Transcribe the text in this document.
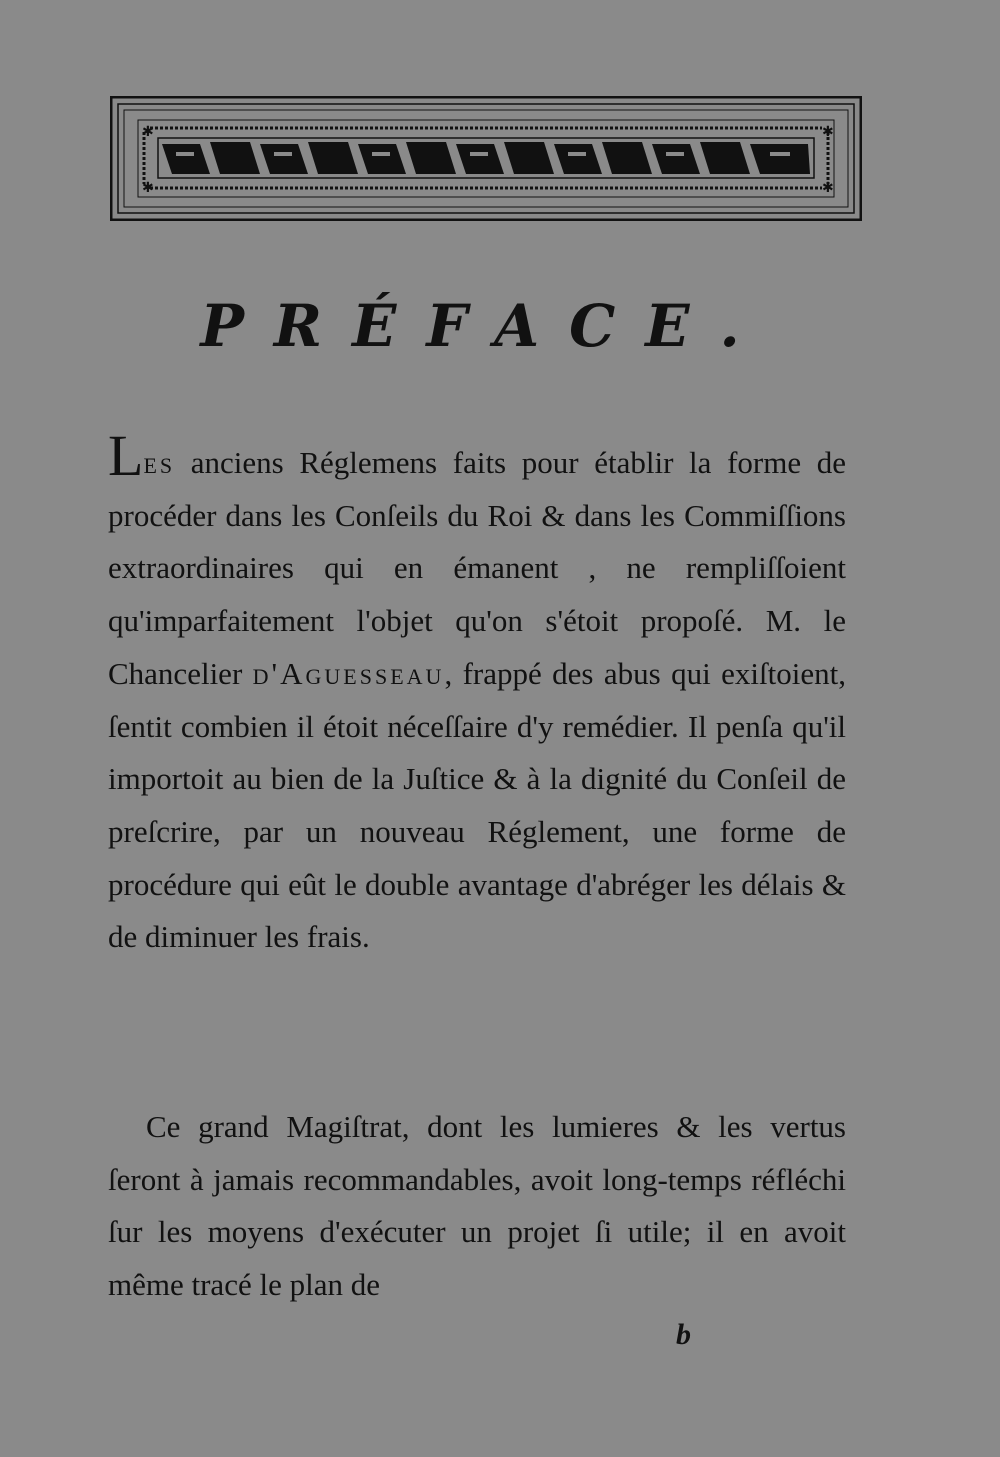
✱	✱
✱	✱
PRÉFACE.

Les anciens Réglemens faits pour établir la forme de procéder dans les Conſeils du Roi & dans les Commiſſions extraordinaires qui en émanent , ne rempliſſoient qu'imparfaitement l'objet qu'on s'étoit propoſé. M. le Chancelier d'Aguesseau, frappé des abus qui exiſtoient, ſentit combien il étoit néceſſaire d'y remédier. Il penſa qu'il importoit au bien de la Juſtice & à la dignité du Conſeil de preſcrire, par un nouveau Réglement, une forme de procédure qui eût le double avantage d'abréger les délais & de diminuer les frais.

Ce grand Magiſtrat, dont les lumieres & les vertus ſeront à jamais recommandables, avoit long-temps réfléchi ſur les moyens d'exécuter un projet ſi utile; il en avoit même tracé le plan de

b
